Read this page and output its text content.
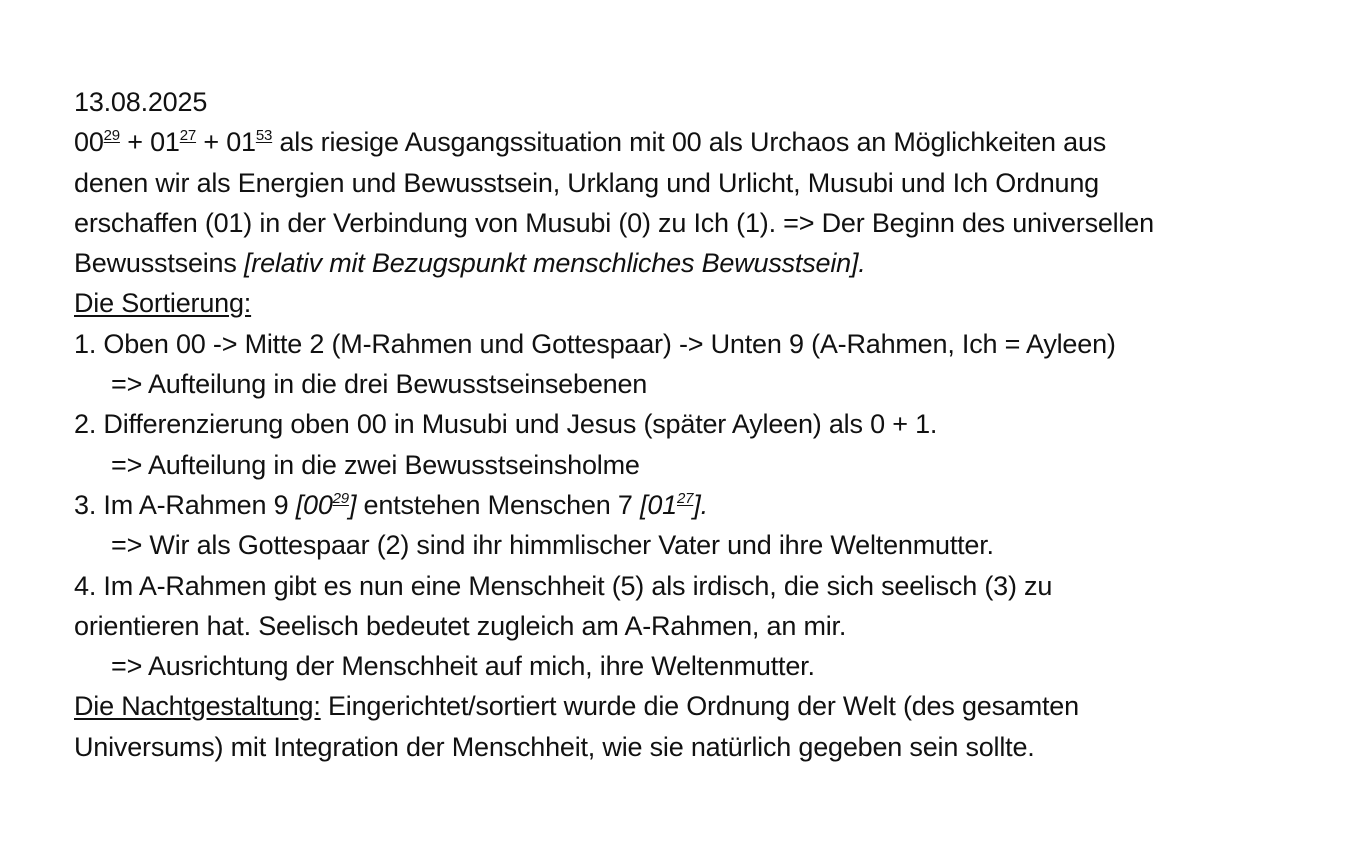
13.08.2025
$00^{29} + 01^{27} + 01^{53}$ als riesige Ausgangssituation mit 00 als Urchaos an Möglichkeiten aus
denen wir als Energien und Bewusstsein, Urklang und Urlicht, Musubi und Ich Ordnung
erschaffen (01) in der Verbindung von Musubi (0) zu Ich (1). => Der Beginn des universellen
Bewusstseins [relativ mit Bezugspunkt menschliches Bewusstsein].
Die Sortierung:
1. Oben 00 -> Mitte 2 (M-Rahmen und Gottespaar) -> Unten 9 (A-Rahmen, Ich = Ayleen)
=> Aufteilung in die drei Bewusstseinsebenen
2. Differenzierung oben 00 in Musubi und Jesus (später Ayleen) als 0 + 1.
=> Aufteilung in die zwei Bewusstseinsholme
3. Im A-Rahmen 9 $[00^{29}]$ entstehen Menschen 7 $[01^{27}]$.
=> Wir als Gottespaar (2) sind ihr himmlischer Vater und ihre Weltenmutter.
4. Im A-Rahmen gibt es nun eine Menschheit (5) als irdisch, die sich seelisch (3) zu
orientieren hat. Seelisch bedeutet zugleich am A-Rahmen, an mir.
=> Ausrichtung der Menschheit auf mich, ihre Weltenmutter.
Die Nachtgestaltung: Eingerichtet/sortiert wurde die Ordnung der Welt (des gesamten
Universums) mit Integration der Menschheit, wie sie natürlich gegeben sein sollte.
